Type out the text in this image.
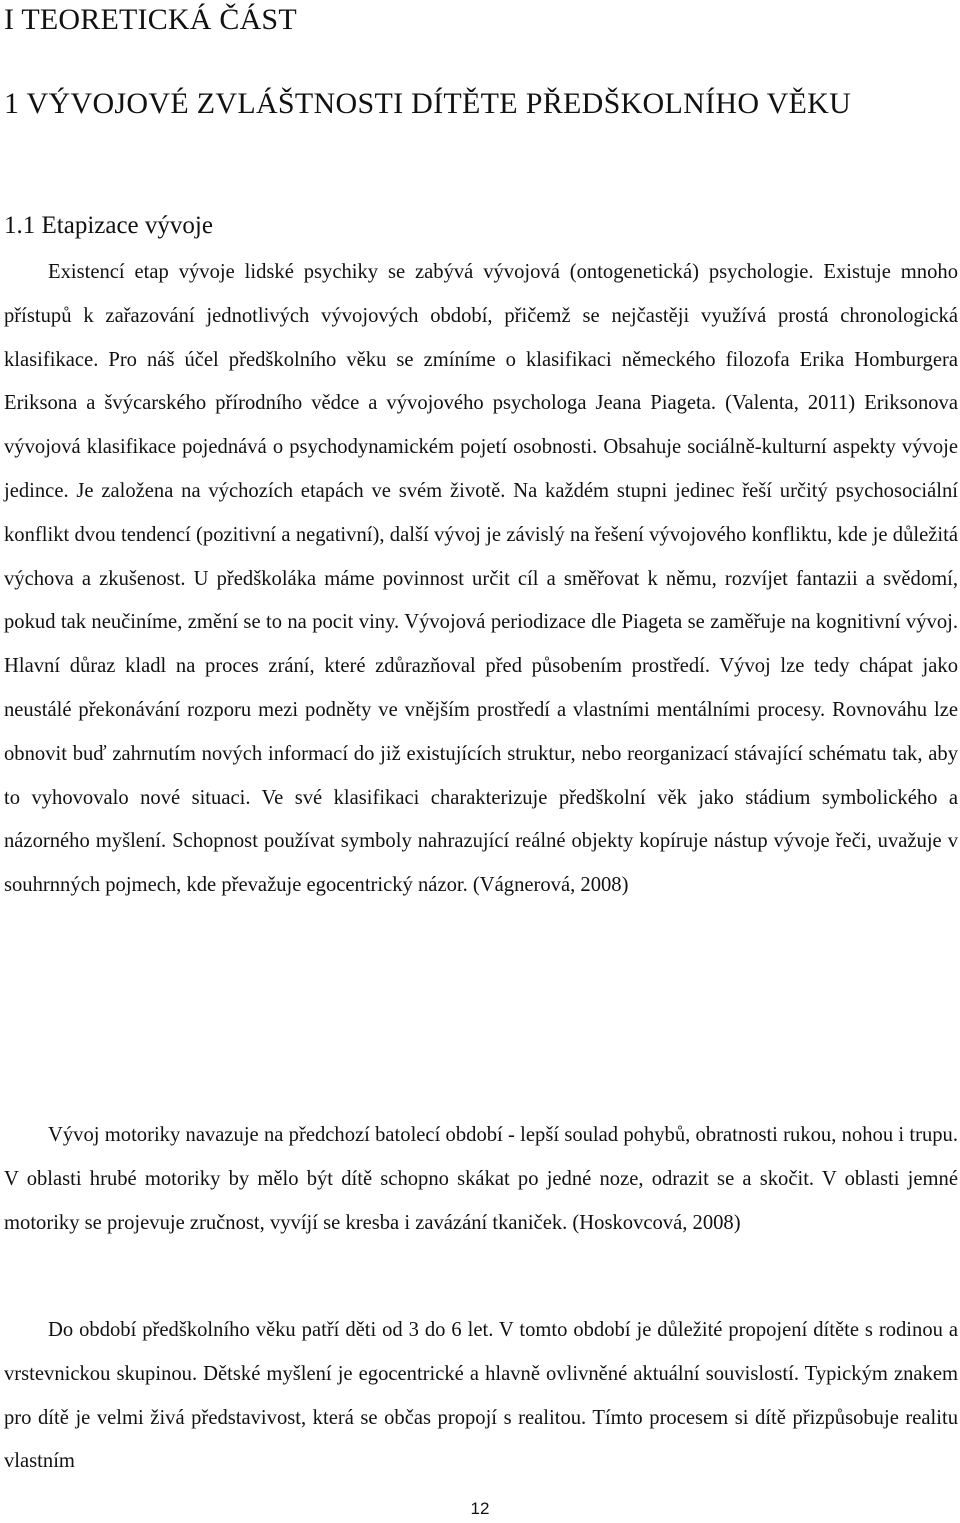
I TEORETICKÁ ČÁST
1 VÝVOJOVÉ ZVLÁŠTNOSTI DÍTĚTE PŘEDŠKOLNÍHO VĚKU
1.1 Etapizace vývoje

Existencí etap vývoje lidské psychiky se zabývá vývojová (ontogenetická) psychologie. Existuje mnoho přístupů k zařazování jednotlivých vývojových období, přičemž se nejčastěji využívá prostá chronologická klasifikace. Pro náš účel předškolního věku se zmíníme o klasifikaci německého filozofa Erika Homburgera Eriksona a švýcarského přírodního vědce a vývojového psychologa Jeana Piageta. (Valenta, 2011) Eriksonova vývojová klasifikace pojednává o psychodynamickém pojetí osobnosti. Obsahuje sociálně-kulturní aspekty vývoje jedince. Je založena na výchozích etapách ve svém životě. Na každém stupni jedinec řeší určitý psychosociální konflikt dvou tendencí (pozitivní a negativní), další vývoj je závislý na řešení vývojového konfliktu, kde je důležitá výchova a zkušenost. U předškoláka máme povinnost určit cíl a směřovat k němu, rozvíjet fantazii a svědomí, pokud tak neučiníme, změní se to na pocit viny. Vývojová periodizace dle Piageta se zaměřuje na kognitivní vývoj. Hlavní důraz kladl na proces zrání, které zdůrazňoval před působením prostředí. Vývoj lze tedy chápat jako neustálé překonávání rozporu mezi podněty ve vnějším prostředí a vlastními mentálními procesy. Rovnováhu lze obnovit buď zahrnutím nových informací do již existujících struktur, nebo reorganizací stávající schématu tak, aby to vyhovovalo nové situaci. Ve své klasifikaci charakterizuje předškolní věk jako stádium symbolického a názorného myšlení. Schopnost používat symboly nahrazující reálné objekty kopíruje nástup vývoje řeči, uvažuje v souhrnných pojmech, kde převažuje egocentrický názor. (Vágnerová, 2008)

Vývoj motoriky navazuje na předchozí batolecí období - lepší soulad pohybů, obratnosti rukou, nohou i trupu. V oblasti hrubé motoriky by mělo být dítě schopno skákat po jedné noze, odrazit se a skočit. V oblasti jemné motoriky se projevuje zručnost, vyvíjí se kresba i zavázání tkaniček. (Hoskovcová, 2008)

Do období předškolního věku patří děti od 3 do 6 let. V tomto období je důležité propojení dítěte s rodinou a vrstevnickou skupinou. Dětské myšlení je egocentrické a hlavně ovlivněné aktuální souvislostí. Typickým znakem pro dítě je velmi živá představivost, která se občas propojí s realitou. Tímto procesem si dítě přizpůsobuje realitu vlastním

12
